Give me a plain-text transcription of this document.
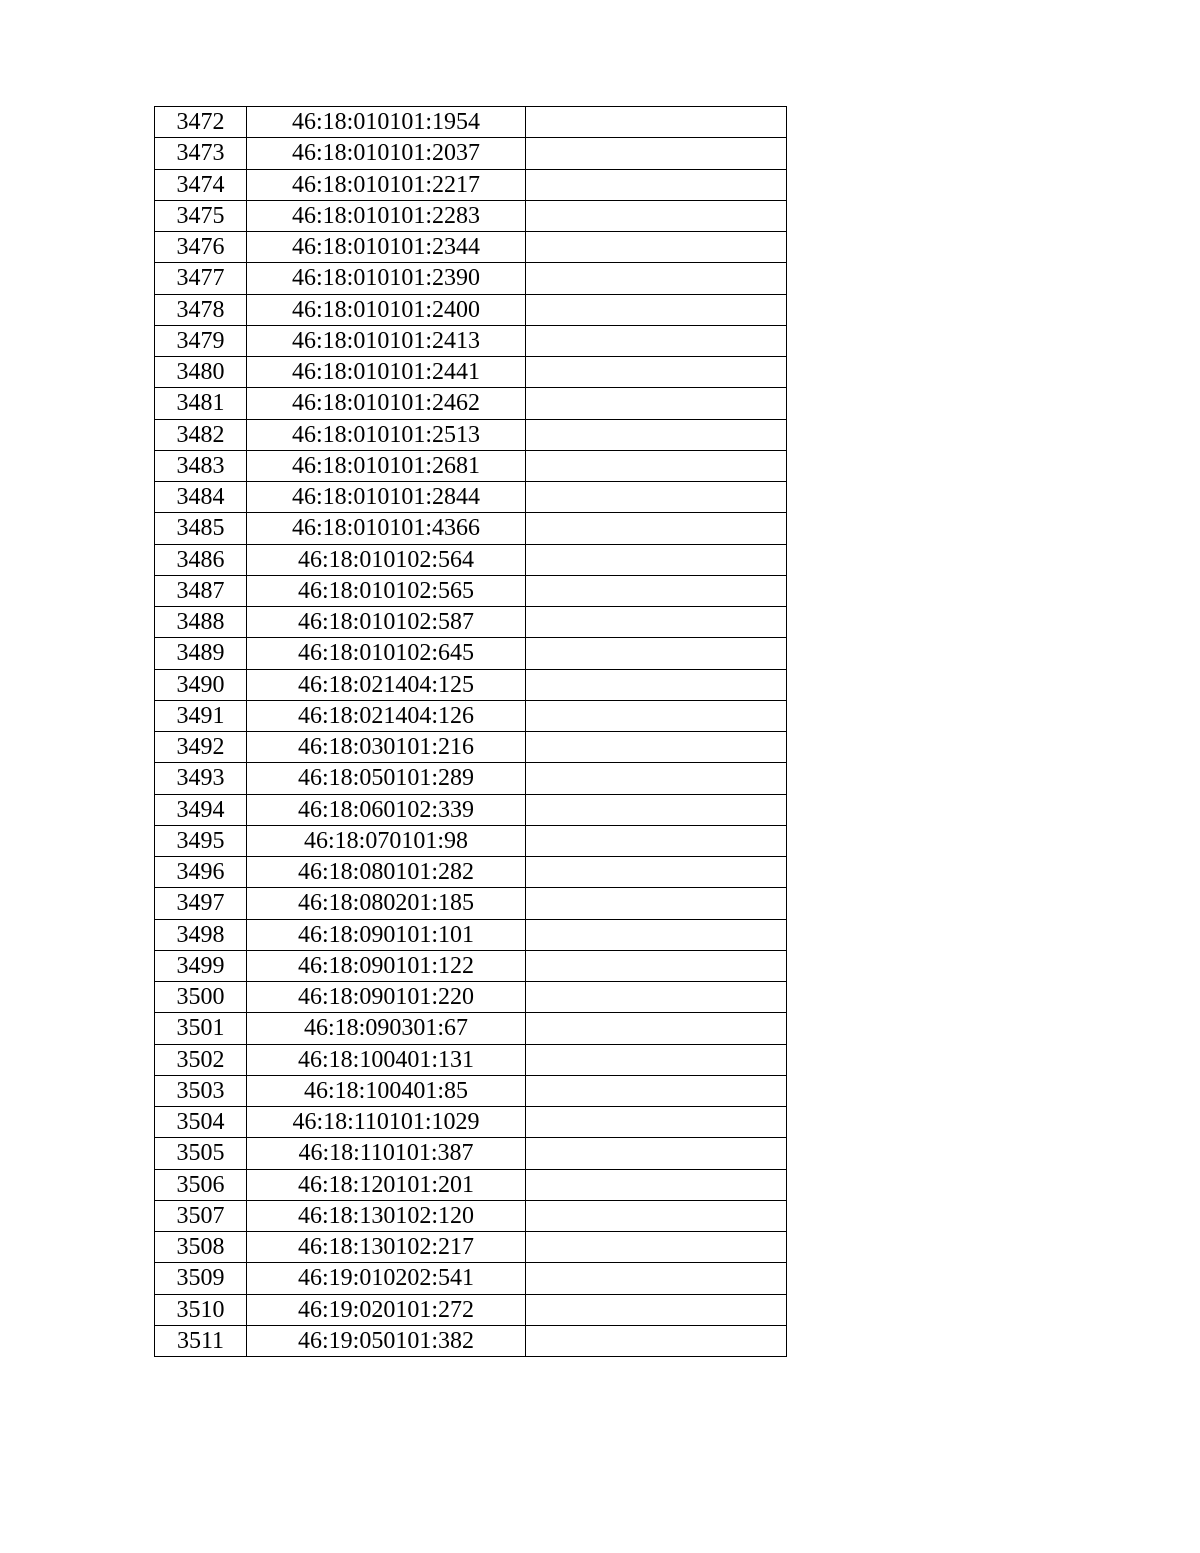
3472	46:18:010101:1954	
3473	46:18:010101:2037	
3474	46:18:010101:2217	
3475	46:18:010101:2283	
3476	46:18:010101:2344	
3477	46:18:010101:2390	
3478	46:18:010101:2400	
3479	46:18:010101:2413	
3480	46:18:010101:2441	
3481	46:18:010101:2462	
3482	46:18:010101:2513	
3483	46:18:010101:2681	
3484	46:18:010101:2844	
3485	46:18:010101:4366	
3486	46:18:010102:564	
3487	46:18:010102:565	
3488	46:18:010102:587	
3489	46:18:010102:645	
3490	46:18:021404:125	
3491	46:18:021404:126	
3492	46:18:030101:216	
3493	46:18:050101:289	
3494	46:18:060102:339	
3495	46:18:070101:98	
3496	46:18:080101:282	
3497	46:18:080201:185	
3498	46:18:090101:101	
3499	46:18:090101:122	
3500	46:18:090101:220	
3501	46:18:090301:67	
3502	46:18:100401:131	
3503	46:18:100401:85	
3504	46:18:110101:1029	
3505	46:18:110101:387	
3506	46:18:120101:201	
3507	46:18:130102:120	
3508	46:18:130102:217	
3509	46:19:010202:541	
3510	46:19:020101:272	
3511	46:19:050101:382	
